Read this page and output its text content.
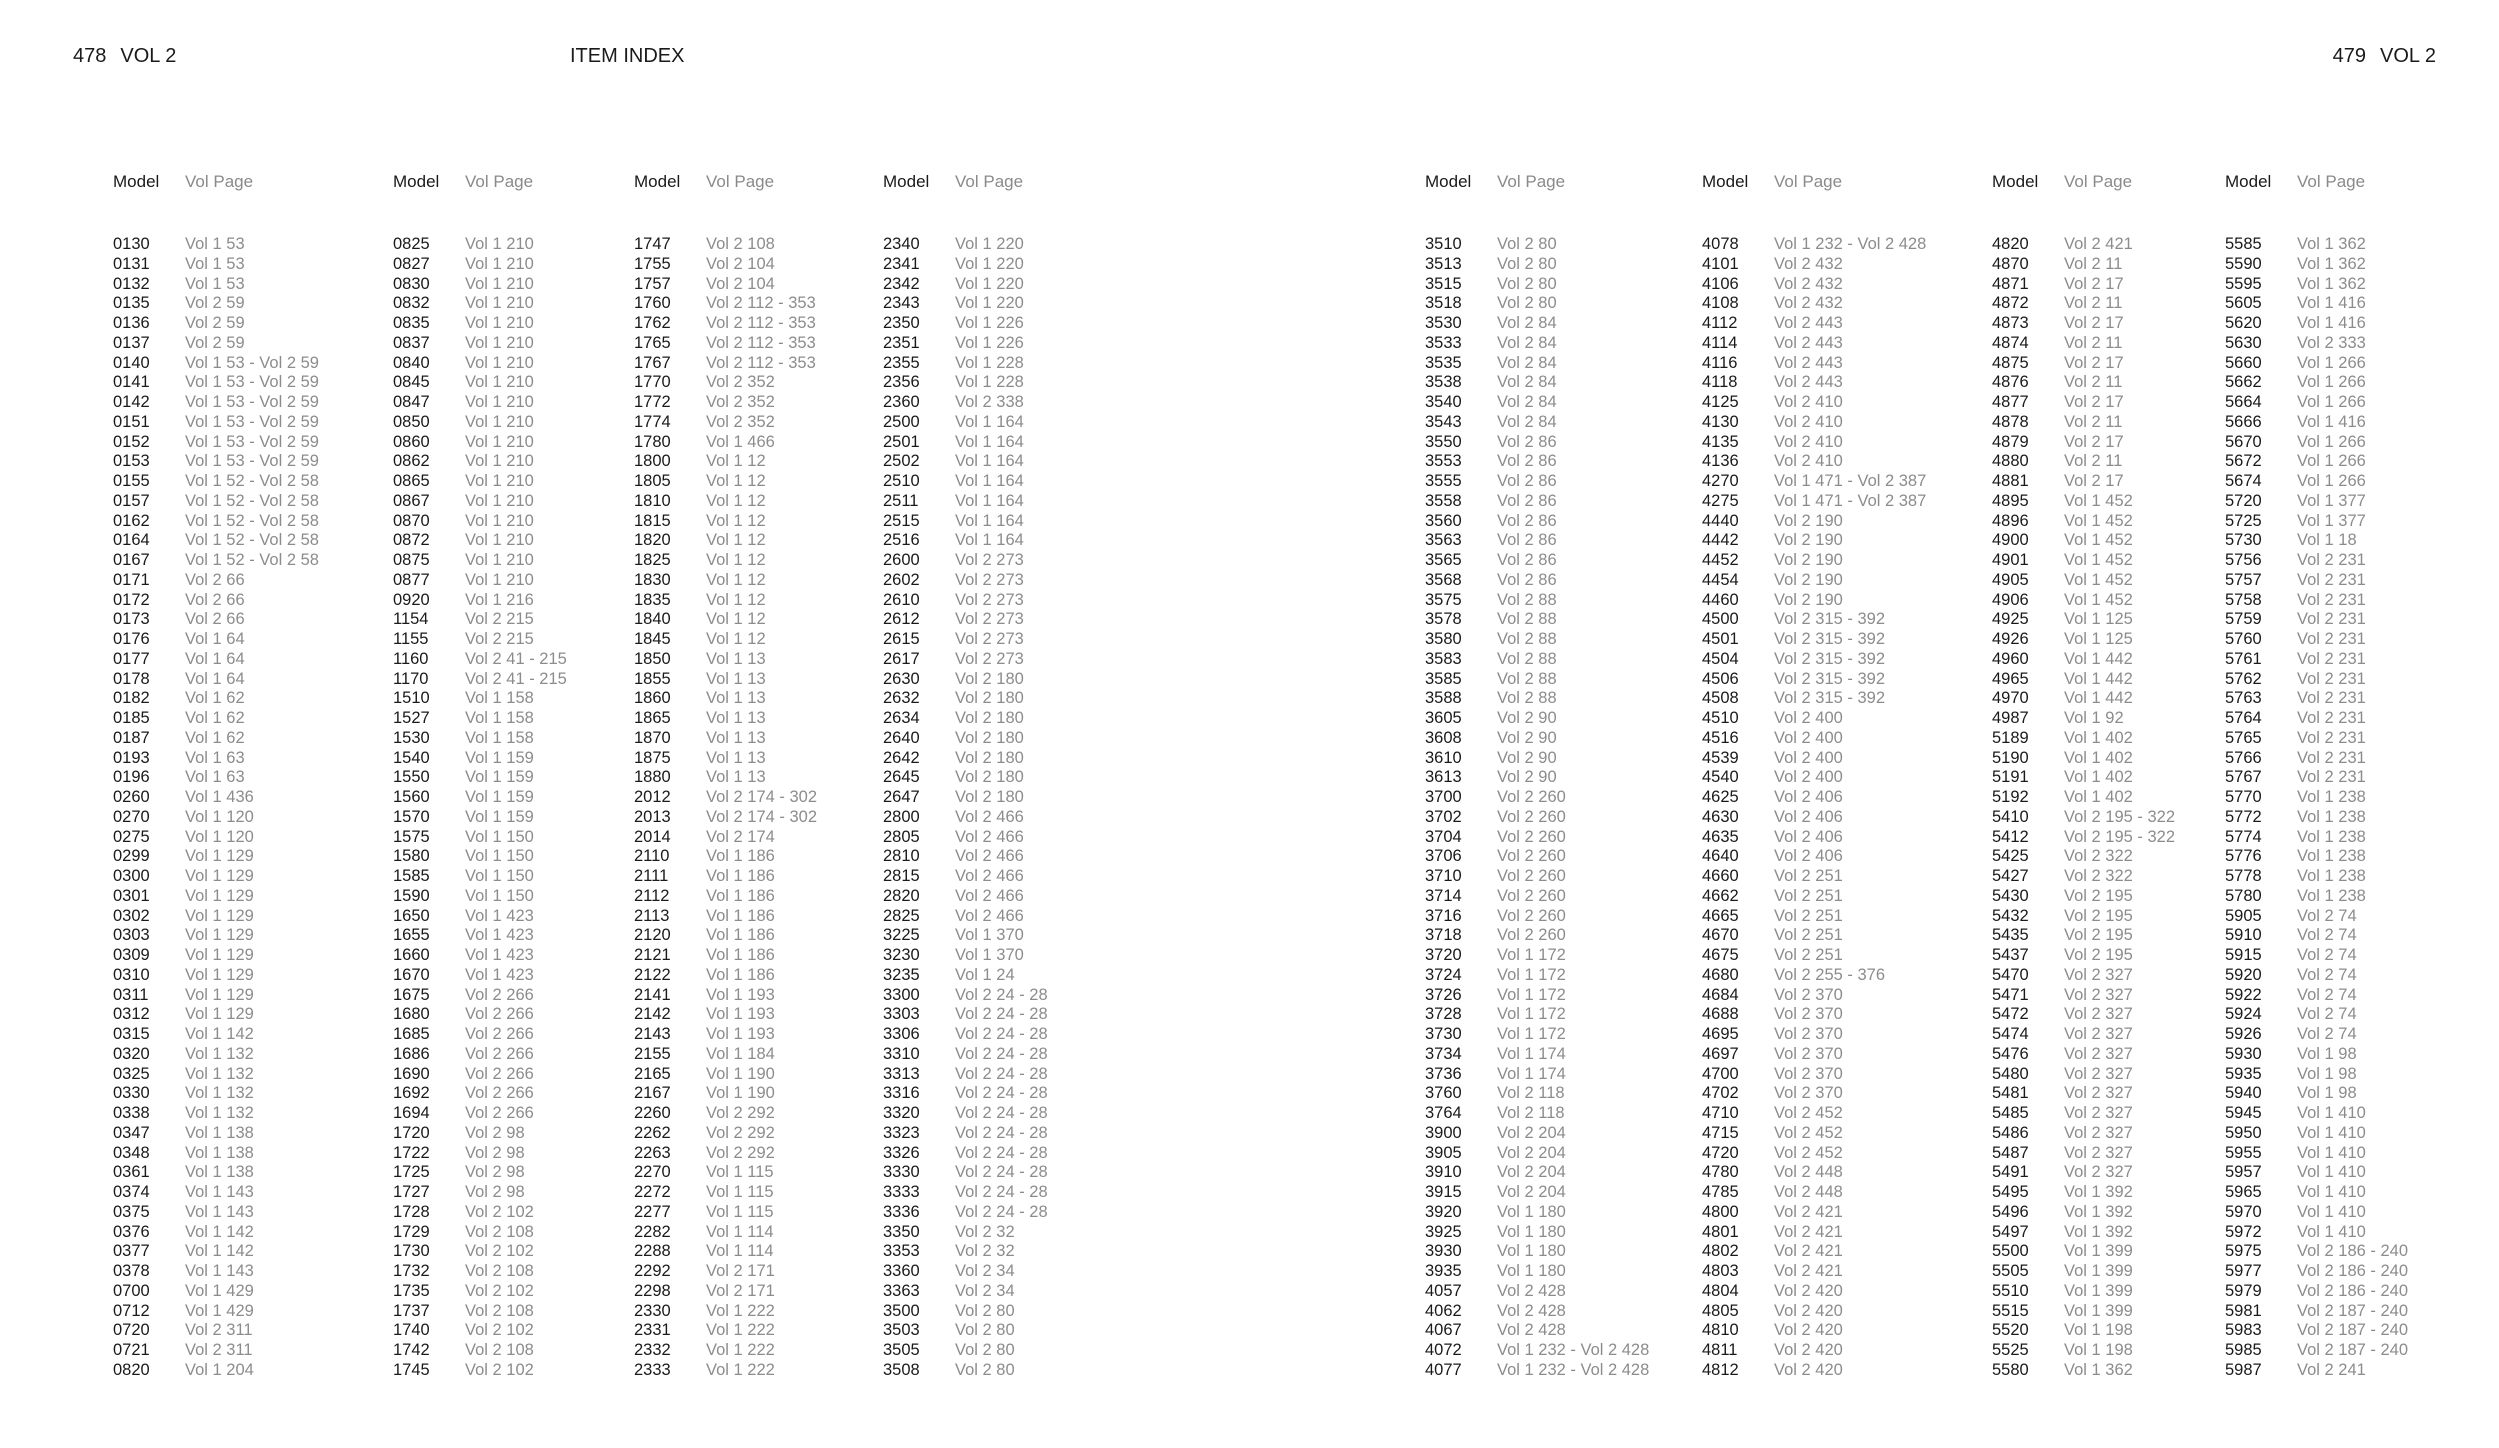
478 VOL 2	ITEM INDEX	479 VOL 2
Model	Vol Page
0130	Vol 1 53
0131	Vol 1 53
0132	Vol 1 53
0135	Vol 2 59
0136	Vol 2 59
0137	Vol 2 59
0140	Vol 1 53 - Vol 2 59
0141	Vol 1 53 - Vol 2 59
0142	Vol 1 53 - Vol 2 59
0151	Vol 1 53 - Vol 2 59
0152	Vol 1 53 - Vol 2 59
0153	Vol 1 53 - Vol 2 59
0155	Vol 1 52 - Vol 2 58
0157	Vol 1 52 - Vol 2 58
0162	Vol 1 52 - Vol 2 58
0164	Vol 1 52 - Vol 2 58
0167	Vol 1 52 - Vol 2 58
0171	Vol 2 66
0172	Vol 2 66
0173	Vol 2 66
0176	Vol 1 64
0177	Vol 1 64
0178	Vol 1 64
0182	Vol 1 62
0185	Vol 1 62
0187	Vol 1 62
0193	Vol 1 63
0196	Vol 1 63
0260	Vol 1 436
0270	Vol 1 120
0275	Vol 1 120
0299	Vol 1 129
0300	Vol 1 129
0301	Vol 1 129
0302	Vol 1 129
0303	Vol 1 129
0309	Vol 1 129
0310	Vol 1 129
0311	Vol 1 129
0312	Vol 1 129
0315	Vol 1 142
0320	Vol 1 132
0325	Vol 1 132
0330	Vol 1 132
0338	Vol 1 132
0347	Vol 1 138
0348	Vol 1 138
0361	Vol 1 138
0374	Vol 1 143
0375	Vol 1 143
0376	Vol 1 142
0377	Vol 1 142
0378	Vol 1 143
0700	Vol 1 429
0712	Vol 1 429
0720	Vol 2 311
0721	Vol 2 311
0820	Vol 1 204
Model	Vol Page
0825	Vol 1 210
0827	Vol 1 210
0830	Vol 1 210
0832	Vol 1 210
0835	Vol 1 210
0837	Vol 1 210
0840	Vol 1 210
0845	Vol 1 210
0847	Vol 1 210
0850	Vol 1 210
0860	Vol 1 210
0862	Vol 1 210
0865	Vol 1 210
0867	Vol 1 210
0870	Vol 1 210
0872	Vol 1 210
0875	Vol 1 210
0877	Vol 1 210
0920	Vol 1 216
1154	Vol 2 215
1155	Vol 2 215
1160	Vol 2 41 - 215
1170	Vol 2 41 - 215
1510	Vol 1 158
1527	Vol 1 158
1530	Vol 1 158
1540	Vol 1 159
1550	Vol 1 159
1560	Vol 1 159
1570	Vol 1 159
1575	Vol 1 150
1580	Vol 1 150
1585	Vol 1 150
1590	Vol 1 150
1650	Vol 1 423
1655	Vol 1 423
1660	Vol 1 423
1670	Vol 1 423
1675	Vol 2 266
1680	Vol 2 266
1685	Vol 2 266
1686	Vol 2 266
1690	Vol 2 266
1692	Vol 2 266
1694	Vol 2 266
1720	Vol 2 98
1722	Vol 2 98
1725	Vol 2 98
1727	Vol 2 98
1728	Vol 2 102
1729	Vol 2 108
1730	Vol 2 102
1732	Vol 2 108
1735	Vol 2 102
1737	Vol 2 108
1740	Vol 2 102
1742	Vol 2 108
1745	Vol 2 102
Model	Vol Page
1747	Vol 2 108
1755	Vol 2 104
1757	Vol 2 104
1760	Vol 2 112 - 353
1762	Vol 2 112 - 353
1765	Vol 2 112 - 353
1767	Vol 2 112 - 353
1770	Vol 2 352
1772	Vol 2 352
1774	Vol 2 352
1780	Vol 1 466
1800	Vol 1 12
1805	Vol 1 12
1810	Vol 1 12
1815	Vol 1 12
1820	Vol 1 12
1825	Vol 1 12
1830	Vol 1 12
1835	Vol 1 12
1840	Vol 1 12
1845	Vol 1 12
1850	Vol 1 13
1855	Vol 1 13
1860	Vol 1 13
1865	Vol 1 13
1870	Vol 1 13
1875	Vol 1 13
1880	Vol 1 13
2012	Vol 2 174 - 302
2013	Vol 2 174 - 302
2014	Vol 2 174
2110	Vol 1 186
2111	Vol 1 186
2112	Vol 1 186
2113	Vol 1 186
2120	Vol 1 186
2121	Vol 1 186
2122	Vol 1 186
2141	Vol 1 193
2142	Vol 1 193
2143	Vol 1 193
2155	Vol 1 184
2165	Vol 1 190
2167	Vol 1 190
2260	Vol 2 292
2262	Vol 2 292
2263	Vol 2 292
2270	Vol 1 115
2272	Vol 1 115
2277	Vol 1 115
2282	Vol 1 114
2288	Vol 1 114
2292	Vol 2 171
2298	Vol 2 171
2330	Vol 1 222
2331	Vol 1 222
2332	Vol 1 222
2333	Vol 1 222
Model	Vol Page
2340	Vol 1 220
2341	Vol 1 220
2342	Vol 1 220
2343	Vol 1 220
2350	Vol 1 226
2351	Vol 1 226
2355	Vol 1 228
2356	Vol 1 228
2360	Vol 2 338
2500	Vol 1 164
2501	Vol 1 164
2502	Vol 1 164
2510	Vol 1 164
2511	Vol 1 164
2515	Vol 1 164
2516	Vol 1 164
2600	Vol 2 273
2602	Vol 2 273
2610	Vol 2 273
2612	Vol 2 273
2615	Vol 2 273
2617	Vol 2 273
2630	Vol 2 180
2632	Vol 2 180
2634	Vol 2 180
2640	Vol 2 180
2642	Vol 2 180
2645	Vol 2 180
2647	Vol 2 180
2800	Vol 2 466
2805	Vol 2 466
2810	Vol 2 466
2815	Vol 2 466
2820	Vol 2 466
2825	Vol 2 466
3225	Vol 1 370
3230	Vol 1 370
3235	Vol 1 24
3300	Vol 2 24 - 28
3303	Vol 2 24 - 28
3306	Vol 2 24 - 28
3310	Vol 2 24 - 28
3313	Vol 2 24 - 28
3316	Vol 2 24 - 28
3320	Vol 2 24 - 28
3323	Vol 2 24 - 28
3326	Vol 2 24 - 28
3330	Vol 2 24 - 28
3333	Vol 2 24 - 28
3336	Vol 2 24 - 28
3350	Vol 2 32
3353	Vol 2 32
3360	Vol 2 34
3363	Vol 2 34
3500	Vol 2 80
3503	Vol 2 80
3505	Vol 2 80
3508	Vol 2 80
Model	Vol Page
3510	Vol 2 80
3513	Vol 2 80
3515	Vol 2 80
3518	Vol 2 80
3530	Vol 2 84
3533	Vol 2 84
3535	Vol 2 84
3538	Vol 2 84
3540	Vol 2 84
3543	Vol 2 84
3550	Vol 2 86
3553	Vol 2 86
3555	Vol 2 86
3558	Vol 2 86
3560	Vol 2 86
3563	Vol 2 86
3565	Vol 2 86
3568	Vol 2 86
3575	Vol 2 88
3578	Vol 2 88
3580	Vol 2 88
3583	Vol 2 88
3585	Vol 2 88
3588	Vol 2 88
3605	Vol 2 90
3608	Vol 2 90
3610	Vol 2 90
3613	Vol 2 90
3700	Vol 2 260
3702	Vol 2 260
3704	Vol 2 260
3706	Vol 2 260
3710	Vol 2 260
3714	Vol 2 260
3716	Vol 2 260
3718	Vol 2 260
3720	Vol 1 172
3724	Vol 1 172
3726	Vol 1 172
3728	Vol 1 172
3730	Vol 1 172
3734	Vol 1 174
3736	Vol 1 174
3760	Vol 2 118
3764	Vol 2 118
3900	Vol 2 204
3905	Vol 2 204
3910	Vol 2 204
3915	Vol 2 204
3920	Vol 1 180
3925	Vol 1 180
3930	Vol 1 180
3935	Vol 1 180
4057	Vol 2 428
4062	Vol 2 428
4067	Vol 2 428
4072	Vol 1 232 - Vol 2 428
4077	Vol 1 232 - Vol 2 428
Model	Vol Page
4078	Vol 1 232 - Vol 2 428
4101	Vol 2 432
4106	Vol 2 432
4108	Vol 2 432
4112	Vol 2 443
4114	Vol 2 443
4116	Vol 2 443
4118	Vol 2 443
4125	Vol 2 410
4130	Vol 2 410
4135	Vol 2 410
4136	Vol 2 410
4270	Vol 1 471 - Vol 2 387
4275	Vol 1 471 - Vol 2 387
4440	Vol 2 190
4442	Vol 2 190
4452	Vol 2 190
4454	Vol 2 190
4460	Vol 2 190
4500	Vol 2 315 - 392
4501	Vol 2 315 - 392
4504	Vol 2 315 - 392
4506	Vol 2 315 - 392
4508	Vol 2 315 - 392
4510	Vol 2 400
4516	Vol 2 400
4539	Vol 2 400
4540	Vol 2 400
4625	Vol 2 406
4630	Vol 2 406
4635	Vol 2 406
4640	Vol 2 406
4660	Vol 2 251
4662	Vol 2 251
4665	Vol 2 251
4670	Vol 2 251
4675	Vol 2 251
4680	Vol 2 255 - 376
4684	Vol 2 370
4688	Vol 2 370
4695	Vol 2 370
4697	Vol 2 370
4700	Vol 2 370
4702	Vol 2 370
4710	Vol 2 452
4715	Vol 2 452
4720	Vol 2 452
4780	Vol 2 448
4785	Vol 2 448
4800	Vol 2 421
4801	Vol 2 421
4802	Vol 2 421
4803	Vol 2 421
4804	Vol 2 420
4805	Vol 2 420
4810	Vol 2 420
4811	Vol 2 420
4812	Vol 2 420
Model	Vol Page
4820	Vol 2 421
4870	Vol 2 11
4871	Vol 2 17
4872	Vol 2 11
4873	Vol 2 17
4874	Vol 2 11
4875	Vol 2 17
4876	Vol 2 11
4877	Vol 2 17
4878	Vol 2 11
4879	Vol 2 17
4880	Vol 2 11
4881	Vol 2 17
4895	Vol 1 452
4896	Vol 1 452
4900	Vol 1 452
4901	Vol 1 452
4905	Vol 1 452
4906	Vol 1 452
4925	Vol 1 125
4926	Vol 1 125
4960	Vol 1 442
4965	Vol 1 442
4970	Vol 1 442
4987	Vol 1 92
5189	Vol 1 402
5190	Vol 1 402
5191	Vol 1 402
5192	Vol 1 402
5410	Vol 2 195 - 322
5412	Vol 2 195 - 322
5425	Vol 2 322
5427	Vol 2 322
5430	Vol 2 195
5432	Vol 2 195
5435	Vol 2 195
5437	Vol 2 195
5470	Vol 2 327
5471	Vol 2 327
5472	Vol 2 327
5474	Vol 2 327
5476	Vol 2 327
5480	Vol 2 327
5481	Vol 2 327
5485	Vol 2 327
5486	Vol 2 327
5487	Vol 2 327
5491	Vol 2 327
5495	Vol 1 392
5496	Vol 1 392
5497	Vol 1 392
5500	Vol 1 399
5505	Vol 1 399
5510	Vol 1 399
5515	Vol 1 399
5520	Vol 1 198
5525	Vol 1 198
5580	Vol 1 362
Model	Vol Page
5585	Vol 1 362
5590	Vol 1 362
5595	Vol 1 362
5605	Vol 1 416
5620	Vol 1 416
5630	Vol 2 333
5660	Vol 1 266
5662	Vol 1 266
5664	Vol 1 266
5666	Vol 1 416
5670	Vol 1 266
5672	Vol 1 266
5674	Vol 1 266
5720	Vol 1 377
5725	Vol 1 377
5730	Vol 1 18
5756	Vol 2 231
5757	Vol 2 231
5758	Vol 2 231
5759	Vol 2 231
5760	Vol 2 231
5761	Vol 2 231
5762	Vol 2 231
5763	Vol 2 231
5764	Vol 2 231
5765	Vol 2 231
5766	Vol 2 231
5767	Vol 2 231
5770	Vol 1 238
5772	Vol 1 238
5774	Vol 1 238
5776	Vol 1 238
5778	Vol 1 238
5780	Vol 1 238
5905	Vol 2 74
5910	Vol 2 74
5915	Vol 2 74
5920	Vol 2 74
5922	Vol 2 74
5924	Vol 2 74
5926	Vol 2 74
5930	Vol 1 98
5935	Vol 1 98
5940	Vol 1 98
5945	Vol 1 410
5950	Vol 1 410
5955	Vol 1 410
5957	Vol 1 410
5965	Vol 1 410
5970	Vol 1 410
5972	Vol 1 410
5975	Vol 2 186 - 240
5977	Vol 2 186 - 240
5979	Vol 2 186 - 240
5981	Vol 2 187 - 240
5983	Vol 2 187 - 240
5985	Vol 2 187 - 240
5987	Vol 2 241
